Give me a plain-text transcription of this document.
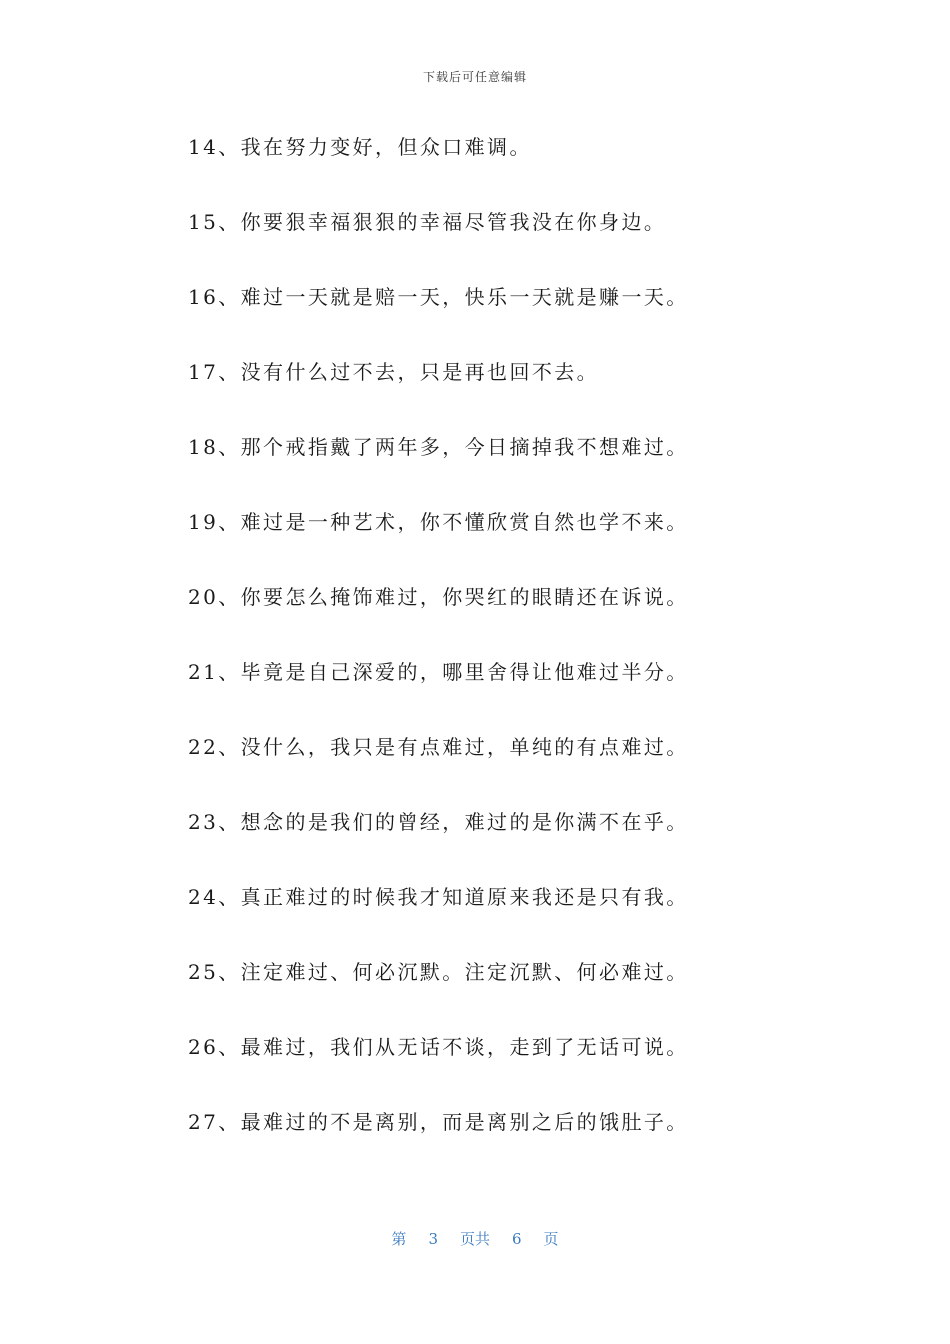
下载后可任意编辑
14、我在努力变好，但众口难调。
15、你要狠幸福狠狠的幸福尽管我没在你身边。
16、难过一天就是赔一天，快乐一天就是赚一天。
17、没有什么过不去，只是再也回不去。
18、那个戒指戴了两年多，今日摘掉我不想难过。
19、难过是一种艺术，你不懂欣赏自然也学不来。
20、你要怎么掩饰难过，你哭红的眼睛还在诉说。
21、毕竟是自己深爱的，哪里舍得让他难过半分。
22、没什么，我只是有点难过，单纯的有点难过。
23、想念的是我们的曾经，难过的是你满不在乎。
24、真正难过的时候我才知道原来我还是只有我。
25、注定难过、何必沉默。注定沉默、何必难过。
26、最难过，我们从无话不谈，走到了无话可说。
27、最难过的不是离别，而是离别之后的饿肚子。
第 3 页共 6 页
